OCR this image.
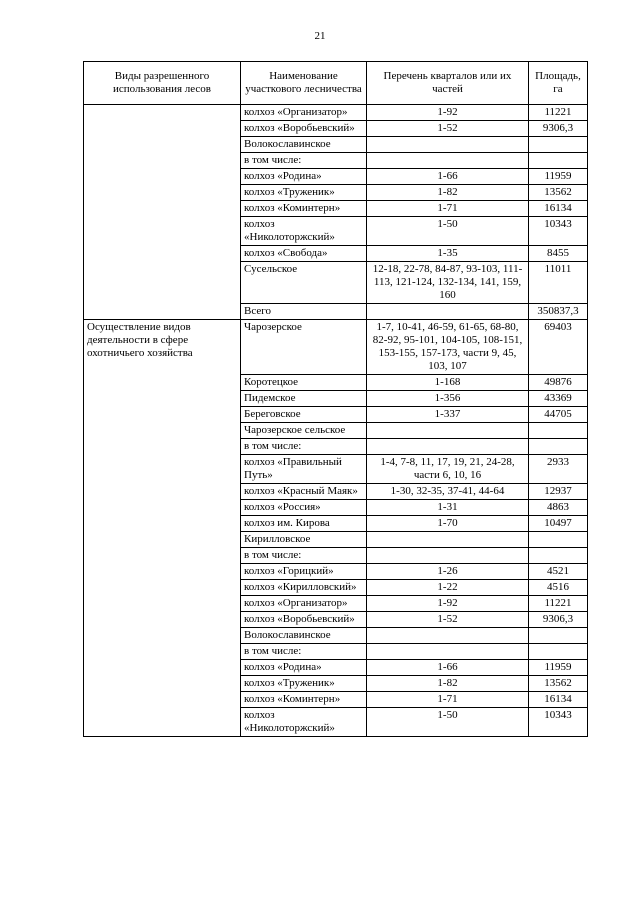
21
Виды разрешенного использования лесов	Наименование участкового лесничества	Перечень кварталов или их частей	Площадь, га
	колхоз «Организатор»	1-92	11221
	колхоз «Воробьевский»	1-52	9306,3
	Волокославинское		
	в том числе:		
	колхоз «Родина»	1-66	11959
	колхоз «Труженик»	1-82	13562
	колхоз «Коминтерн»	1-71	16134
	колхоз «Николоторжский»	1-50	10343
	колхоз «Свобода»	1-35	8455
	Сусельское	12-18, 22-78, 84-87, 93-103, 111-113, 121-124, 132-134, 141, 159, 160	11011
	Всего		350837,3
Осуществление видов деятельности в сфере охотничьего хозяйства	Чарозерское	1-7, 10-41, 46-59, 61-65, 68-80, 82-92, 95-101, 104-105, 108-151, 153-155, 157-173, части 9, 45, 103, 107	69403
	Коротецкое	1-168	49876
	Пидемское	1-356	43369
	Береговское	1-337	44705
	Чарозерское сельское		
	в том числе:		
	колхоз «Правильный Путь»	1-4, 7-8, 11, 17, 19, 21, 24-28, части 6, 10, 16	2933
	колхоз «Красный Маяк»	1-30, 32-35, 37-41, 44-64	12937
	колхоз «Россия»	1-31	4863
	колхоз им. Кирова	1-70	10497
	Кирилловское		
	в том числе:		
	колхоз «Горицкий»	1-26	4521
	колхоз «Кирилловский»	1-22	4516
	колхоз «Организатор»	1-92	11221
	колхоз «Воробьевский»	1-52	9306,3
	Волокославинское		
	в том числе:		
	колхоз «Родина»	1-66	11959
	колхоз «Труженик»	1-82	13562
	колхоз «Коминтерн»	1-71	16134
	колхоз «Николоторжский»	1-50	10343
